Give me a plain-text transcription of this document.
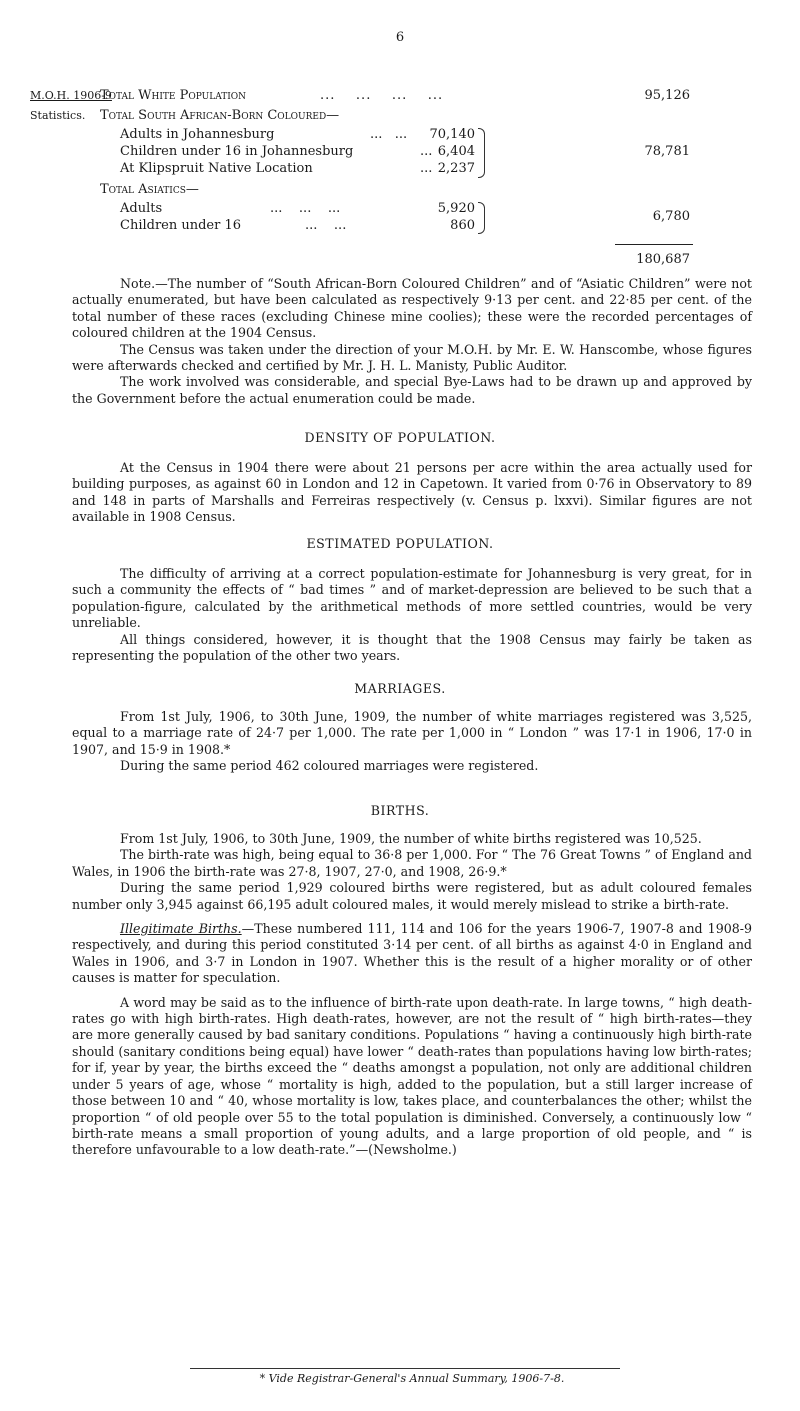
6
M.O.H. 1906-9
Statistics.
Total White Population	...    ...    ...    ...	95,126
Total South African-Born Coloured—
Adults in Johannesburg	...   ...	70,140
Children under 16 in Johannesburg	... 6,404
At Klipspruit Native Location	... 2,237
78,781
Total Asiatics—
Adults	...    ...    ...	5,920
Children under 16	...    ...	860
6,780
180,687

Note.—The number of “South African-Born Coloured Children” and of “Asiatic Children” were not actually enumerated, but have been calculated as respectively 9·13 per cent. and 22·85 per cent. of the total number of these races (excluding Chinese mine coolies); these were the recorded percentages of coloured children at the 1904 Census.

The Census was taken under the direction of your M.O.H. by Mr. E. W. Hanscombe, whose figures were afterwards checked and certified by Mr. J. H. L. Manisty, Public Auditor.

The work involved was considerable, and special Bye-Laws had to be drawn up and approved by the Government before the actual enumeration could be made.

DENSITY OF POPULATION.

At the Census in 1904 there were about 21 persons per acre within the area actually used for building purposes, as against 60 in London and 12 in Capetown. It varied from 0·76 in Observatory to 89 and 148 in parts of Marshalls and Ferreiras respectively (v. Census p. lxxvi). Similar figures are not available in 1908 Census.

ESTIMATED POPULATION.

The difficulty of arriving at a correct population-estimate for Johannesburg is very great, for in such a community the effects of “ bad times ” and of market-depression are believed to be such that a population-figure, calculated by the arithmetical methods of more settled countries, would be very unreliable.

All things considered, however, it is thought that the 1908 Census may fairly be taken as representing the population of the other two years.

MARRIAGES.

From 1st July, 1906, to 30th June, 1909, the number of white marriages registered was 3,525, equal to a marriage rate of 24·7 per 1,000. The rate per 1,000 in “ London ” was 17·1 in 1906, 17·0 in 1907, and 15·9 in 1908.*

During the same period 462 coloured marriages were registered.

BIRTHS.

From 1st July, 1906, to 30th June, 1909, the number of white births registered was 10,525.

The birth-rate was high, being equal to 36·8 per 1,000. For “ The 76 Great Towns ” of England and Wales, in 1906 the birth-rate was 27·8, 1907, 27·0, and 1908, 26·9.*

During the same period 1,929 coloured births were registered, but as adult coloured females number only 3,945 against 66,195 adult coloured males, it would merely mislead to strike a birth-rate.

Illegitimate Births.—These numbered 111, 114 and 106 for the years 1906-7, 1907-8 and 1908-9 respectively, and during this period constituted 3·14 per cent. of all births as against 4·0 in England and Wales in 1906, and 3·7 in London in 1907. Whether this is the result of a higher morality or of other causes is matter for speculation.

A word may be said as to the influence of birth-rate upon death-rate. In large towns, “ high death-rates go with high birth-rates. High death-rates, however, are not the result of “ high birth-rates—they are more generally caused by bad sanitary conditions. Populations “ having a continuously high birth-rate should (sanitary conditions being equal) have lower “ death-rates than populations having low birth-rates; for if, year by year, the births exceed the “ deaths amongst a population, not only are additional children under 5 years of age, whose “ mortality is high, added to the population, but a still larger increase of those between 10 and “ 40, whose mortality is low, takes place, and counterbalances the other; whilst the proportion “ of old people over 55 to the total population is diminished. Conversely, a continuously low “ birth-rate means a small proportion of young adults, and a large proportion of old people, and “ is therefore unfavourable to a low death-rate.”—(Newsholme.)

* Vide Registrar-General's Annual Summary, 1906-7-8.
